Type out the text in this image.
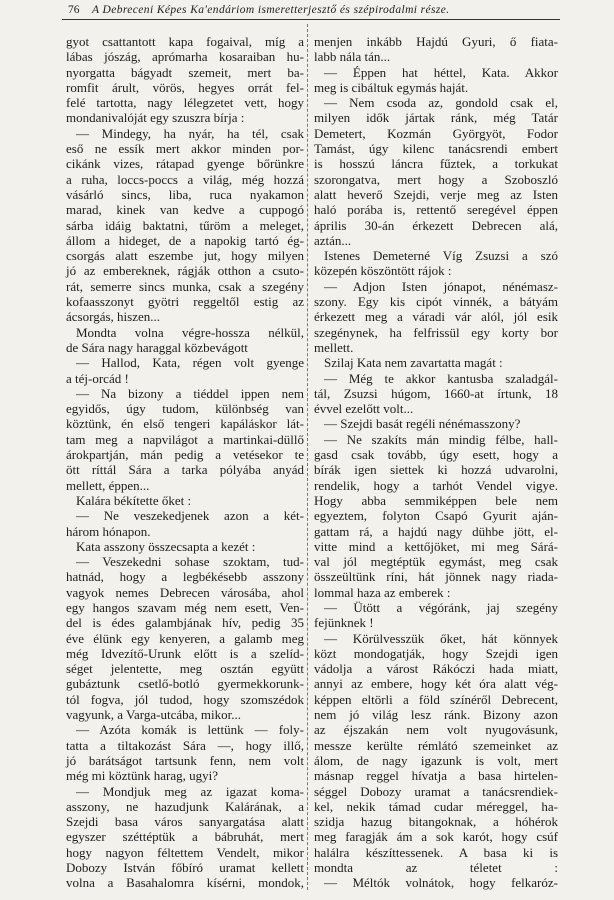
76 A Debreceni Képes Ka'endáriom ismeretterjesztő és szépirodalmi része.
gyot csattantott kapa fogaival, míg a
lábas jószág, aprómarha kosaraiban hu-
nyorgatta bágyadt szemeit, mert ba-
romfit árult, vörös, hegyes orrát fel-
felé tartotta, nagy lélegzetet vett, hogy
mondanivalóját egy szuszra bírja :
— Mindegy, ha nyár, ha tél, csak
eső ne essík mert akkor minden por-
cikánk vizes, rátapad gyenge bőrünkre
a ruha, loccs-poccs a világ, még hozzá
vásárló sincs, liba, ruca nyakamon
marad, kinek van kedve a cuppogó
sárba idáig baktatni, tűröm a meleget,
állom a hideget, de a napokig tartó ég-
csorgás alatt eszembe jut, hogy milyen
jó az embereknek, rágják otthon a csuto-
rát, semerre sincs munka, csak a szegény
kofaasszonyt gyötri reggeltől estig az
ácsorgás, hiszen...
Mondta volna végre-hossza nélkül,
de Sára nagy haraggal közbevágott
— Hallod, Kata, régen volt gyenge
a téj-orcád !
— Na bizony a tiéddel ippen nem
egyidős, úgy tudom, különbség van
köztünk, én első tengeri kapáláskor lát-
tam meg a napvilágot a martinkai-düllő
árokpartján, mán pedig a vetésekor te
ött ríttál Sára a tarka pólyába anyád
mellett, éppen...
Kalára békítette őket :
— Ne veszekedjenek azon a két-
három hónapon.
Kata asszony összecsapta a kezét :
— Veszekedni sohase szoktam, tud-
hatnád, hogy a legbékésebb asszony
vagyok nemes Debrecen városába, ahol
egy hangos szavam még nem esett, Ven-
del is édes galambjának hív, pedig 35
éve élünk egy kenyeren, a galamb meg
még Idvezítő-Urunk előtt is a szelíd-
séget jelentette, meg osztán együtt
gubáztunk csetlő-botló gyermekkorunk-
tól fogva, jól tudod, hogy szomszédok
vagyunk, a Varga-utcába, mikor...
— Azóta komák is lettünk — foly-
tatta a tiltakozást Sára —, hogy illő,
jó barátságot tartsunk fenn, nem volt
még mi köztünk harag, ugyi?
— Mondjuk meg az igazat koma-
asszony, ne hazudjunk Kalárának, a
Szejdi basa város sanyargatása alatt
egyszer széttéptük a bábruhát, mert
hogy nagyon féltettem Vendelt, mikor
Dobozy István főbíró uramat kellett
volna a Basahalomra kísérni, mondok,
menjen inkább Hajdú Gyuri, ő fiata-
labb nála tán...
— Éppen hat héttel, Kata. Akkor
meg is cibáltuk egymás haját.
— Nem csoda az, gondold csak el,
milyen idők jártak ránk, még Tatár
Demetert, Kozmán Györgyöt, Fodor
Tamást, úgy kilenc tanácsrendi embert
is hosszú láncra fűztek, a torkukat
szorongatva, mert hogy a Szoboszló
alatt heverő Szejdi, verje meg az Isten
haló porába is, rettentő seregével éppen
április 30-án érkezett Debrecen alá,
aztán...
Istenes Demeterné Víg Zsuzsi a szó
közepén köszöntött rájok :
— Adjon Isten jónapot, nénémasz-
szony. Egy kis cipót vinnék, a bátyám
érkezett meg a váradi vár alól, jól esik
szegénynek, ha felfrissül egy korty bor
mellett.
Szilaj Kata nem zavartatta magát :
— Még te akkor kantusba szaladgál-
tál, Zsuzsi húgom, 1660-at írtunk, 18
évvel ezelőtt volt...
— Szejdi basát regéli nénémasszony?
— Ne szakíts mán mindig félbe, hall-
gasd csak tovább, úgy esett, hogy a
bírák igen siettek ki hozzá udvarolni,
rendelik, hogy a tarhót Vendel vigye.
Hogy abba semmiképpen bele nem
egyeztem, folyton Csapó Gyurit aján-
gattam rá, a hajdú nagy dühbe jött, el-
vitte mind a kettőjöket, mi meg Sárá-
val jól megtéptük egymást, meg csak
összeültünk ríni, hát jönnek nagy riada-
lommal haza az emberek :
— Ütött a végóránk, jaj szegény
fejünknek !
— Körülvesszük őket, hát könnyek
közt mondogatják, hogy Szejdi igen
vádolja a várost Rákóczi hada miatt,
annyi az embere, hogy két óra alatt vég-
képpen eltörli a föld színéről Debrecent,
nem jó világ lesz ránk. Bizony azon
az éjszakán nem volt nyugovásunk,
messze kerülte rémlátó szemeinket az
álom, de nagy igazunk is volt, mert
másnap reggel hívatja a basa hirtelen-
séggel Dobozy uramat a tanácsrendiek-
kel, nekik támad cudar méreggel, ha-
szidja hazug bitangoknak, a hóhérok
meg faragják ám a sok karót, hogy csúf
halálra készíttessenek. A basa ki is
mondta az téletet :
— Méltók volnátok, hogy felkaróz-
